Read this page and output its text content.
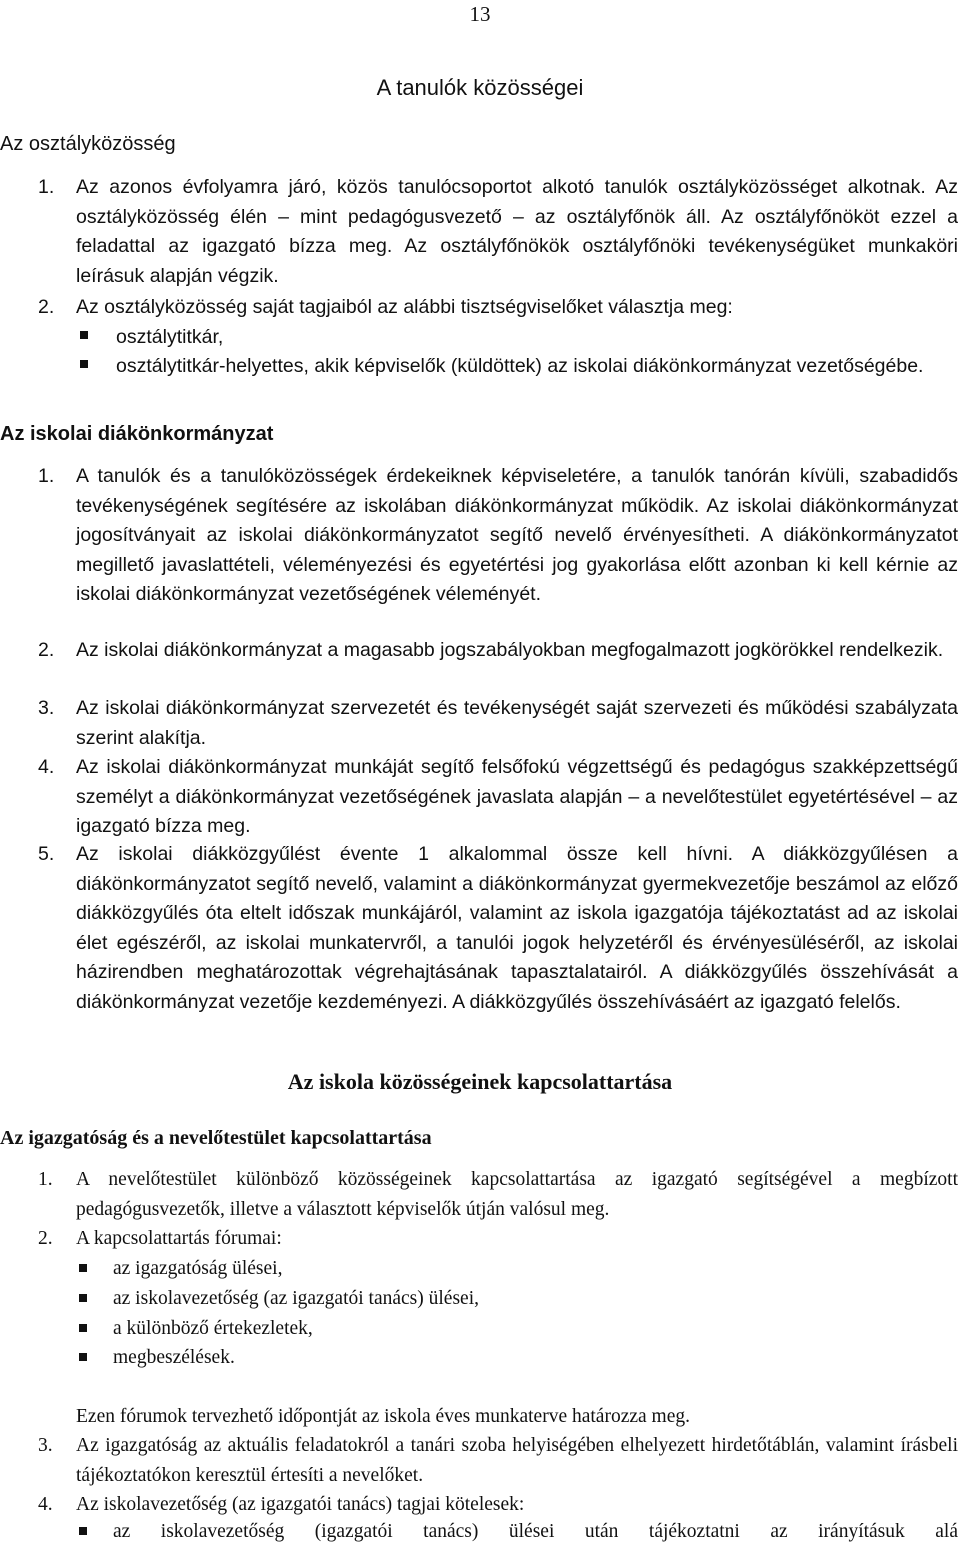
13
A tanulók közösségei
Az osztályközösség
1. Az azonos évfolyamra járó, közös tanulócsoportot alkotó tanulók osztályközösséget alkotnak. Az osztályközösség élén – mint pedagógusvezető – az osztályfőnök áll. Az osztályfőnököt ezzel a feladattal az igazgató bízza meg. Az osztályfőnökök osztályfőnöki tevékenységüket munkaköri leírásuk alapján végzik.
2. Az osztályközösség saját tagjaiból az alábbi tisztségviselőket választja meg:
osztálytitkár,
osztálytitkár-helyettes, akik képviselők (küldöttek) az iskolai diákönkormányzat vezetőségébe.
Az iskolai diákönkormányzat
1. A tanulók és a tanulóközösségek érdekeiknek képviseletére, a tanulók tanórán kívüli, szabadidős tevékenységének segítésére az iskolában diákönkormányzat működik. Az iskolai diákönkormányzat jogosítványait az iskolai diákönkormányzatot segítő nevelő érvényesítheti. A diákönkormányzatot megillető javaslattételi, véleményezési és egyetértési jog gyakorlása előtt azonban ki kell kérnie az iskolai diákönkormányzat vezetőségének véleményét.
2. Az iskolai diákönkormányzat a magasabb jogszabályokban megfogalmazott jogkörökkel rendelkezik.
3. Az iskolai diákönkormányzat szervezetét és tevékenységét saját szervezeti és működési szabályzata szerint alakítja.
4. Az iskolai diákönkormányzat munkáját segítő felsőfokú végzettségű és pedagógus szakképzettségű személyt a diákönkormányzat vezetőségének javaslata alapján – a nevelőtestület egyetértésével – az igazgató bízza meg.
5. Az iskolai diákközgyűlést évente 1 alkalommal össze kell hívni. A diákközgyűlésen a diákönkormányzatot segítő nevelő, valamint a diákönkormányzat gyermekvezetője beszámol az előző diákközgyűlés óta eltelt időszak munkájáról, valamint az iskola igazgatója tájékoztatást ad az iskolai élet egészéről, az iskolai munkatervről, a tanulói jogok helyzetéről és érvényesüléséről, az iskolai házirendben meghatározottak végrehajtásának tapasztalatairól. A diákközgyűlés összehívását a diákönkormányzat vezetője kezdeményezi. A diákközgyűlés összehívásáért az igazgató felelős.
Az iskola közösségeinek kapcsolattartása
Az igazgatóság és a nevelőtestület kapcsolattartása
1. A nevelőtestület különböző közösségeinek kapcsolattartása az igazgató segítségével a megbízott pedagógusvezetők, illetve a választott képviselők útján valósul meg.
2. A kapcsolattartás fórumai:
az igazgatóság ülései,
az iskolavezetőség (az igazgatói tanács) ülései,
a különböző értekezletek,
megbeszélések.
Ezen fórumok tervezhető időpontját az iskola éves munkaterve határozza meg.
3. Az igazgatóság az aktuális feladatokról a tanári szoba helyiségében elhelyezett hirdetőtáblán, valamint írásbeli tájékoztatókon keresztül értesíti a nevelőket.
4. Az iskolavezetőség (az igazgatói tanács) tagjai kötelesek:
az iskolavezetőség (igazgatói tanács) ülései után tájékoztatni az irányításuk alá
